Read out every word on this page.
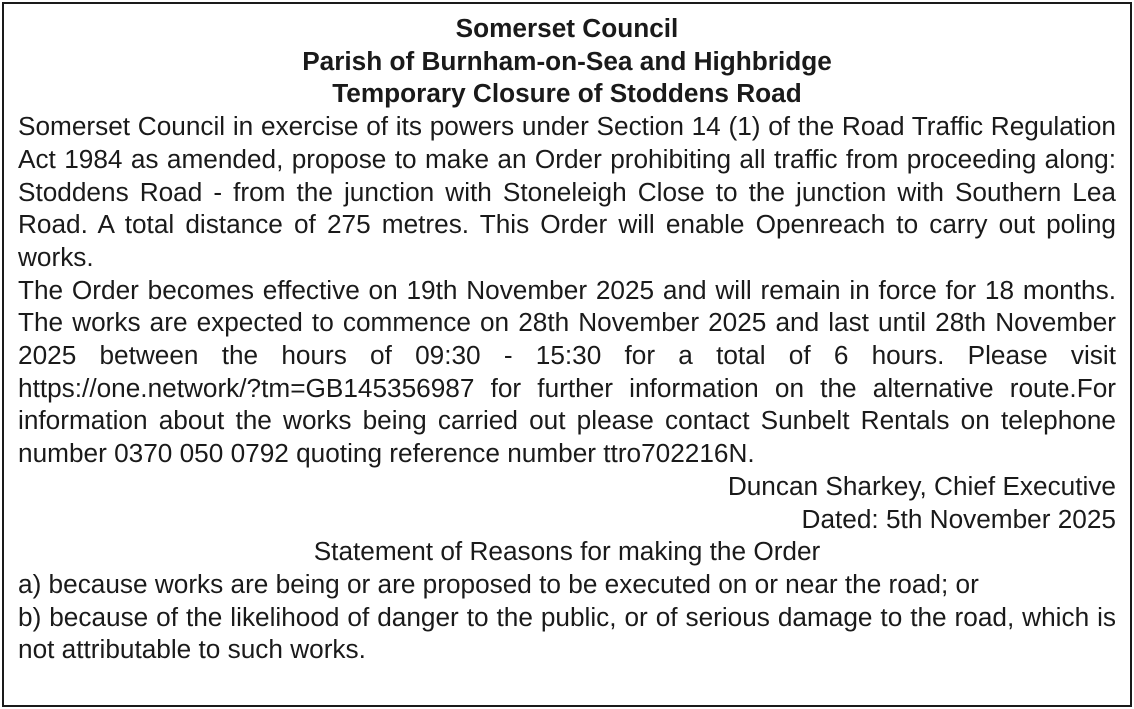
Somerset Council

Parish of Burnham-on-Sea and Highbridge

Temporary Closure of Stoddens Road

Somerset Council in exercise of its powers under Section 14 (1) of the Road Traffic Regulation Act 1984 as amended, propose to make an Order prohibiting all traffic from proceeding along: Stoddens Road - from the junction with Stoneleigh Close to the junction with Southern Lea Road. A total distance of 275 metres. This Order will enable Openreach to carry out poling works.

The Order becomes effective on 19th November 2025 and will remain in force for 18 months. The works are expected to commence on 28th November 2025 and last until 28th November 2025 between the hours of 09:30 - 15:30 for a total of 6 hours. Please visit https://one.network/?tm=GB145356987 for further information on the alternative route.For information about the works being carried out please contact Sunbelt Rentals on telephone number 0370 050 0792 quoting reference number ttro702216N.

Duncan Sharkey, Chief Executive

Dated: 5th November 2025

Statement of Reasons for making the Order

a) because works are being or are proposed to be executed on or near the road; or

b) because of the likelihood of danger to the public, or of serious damage to the road, which is not attributable to such works.
